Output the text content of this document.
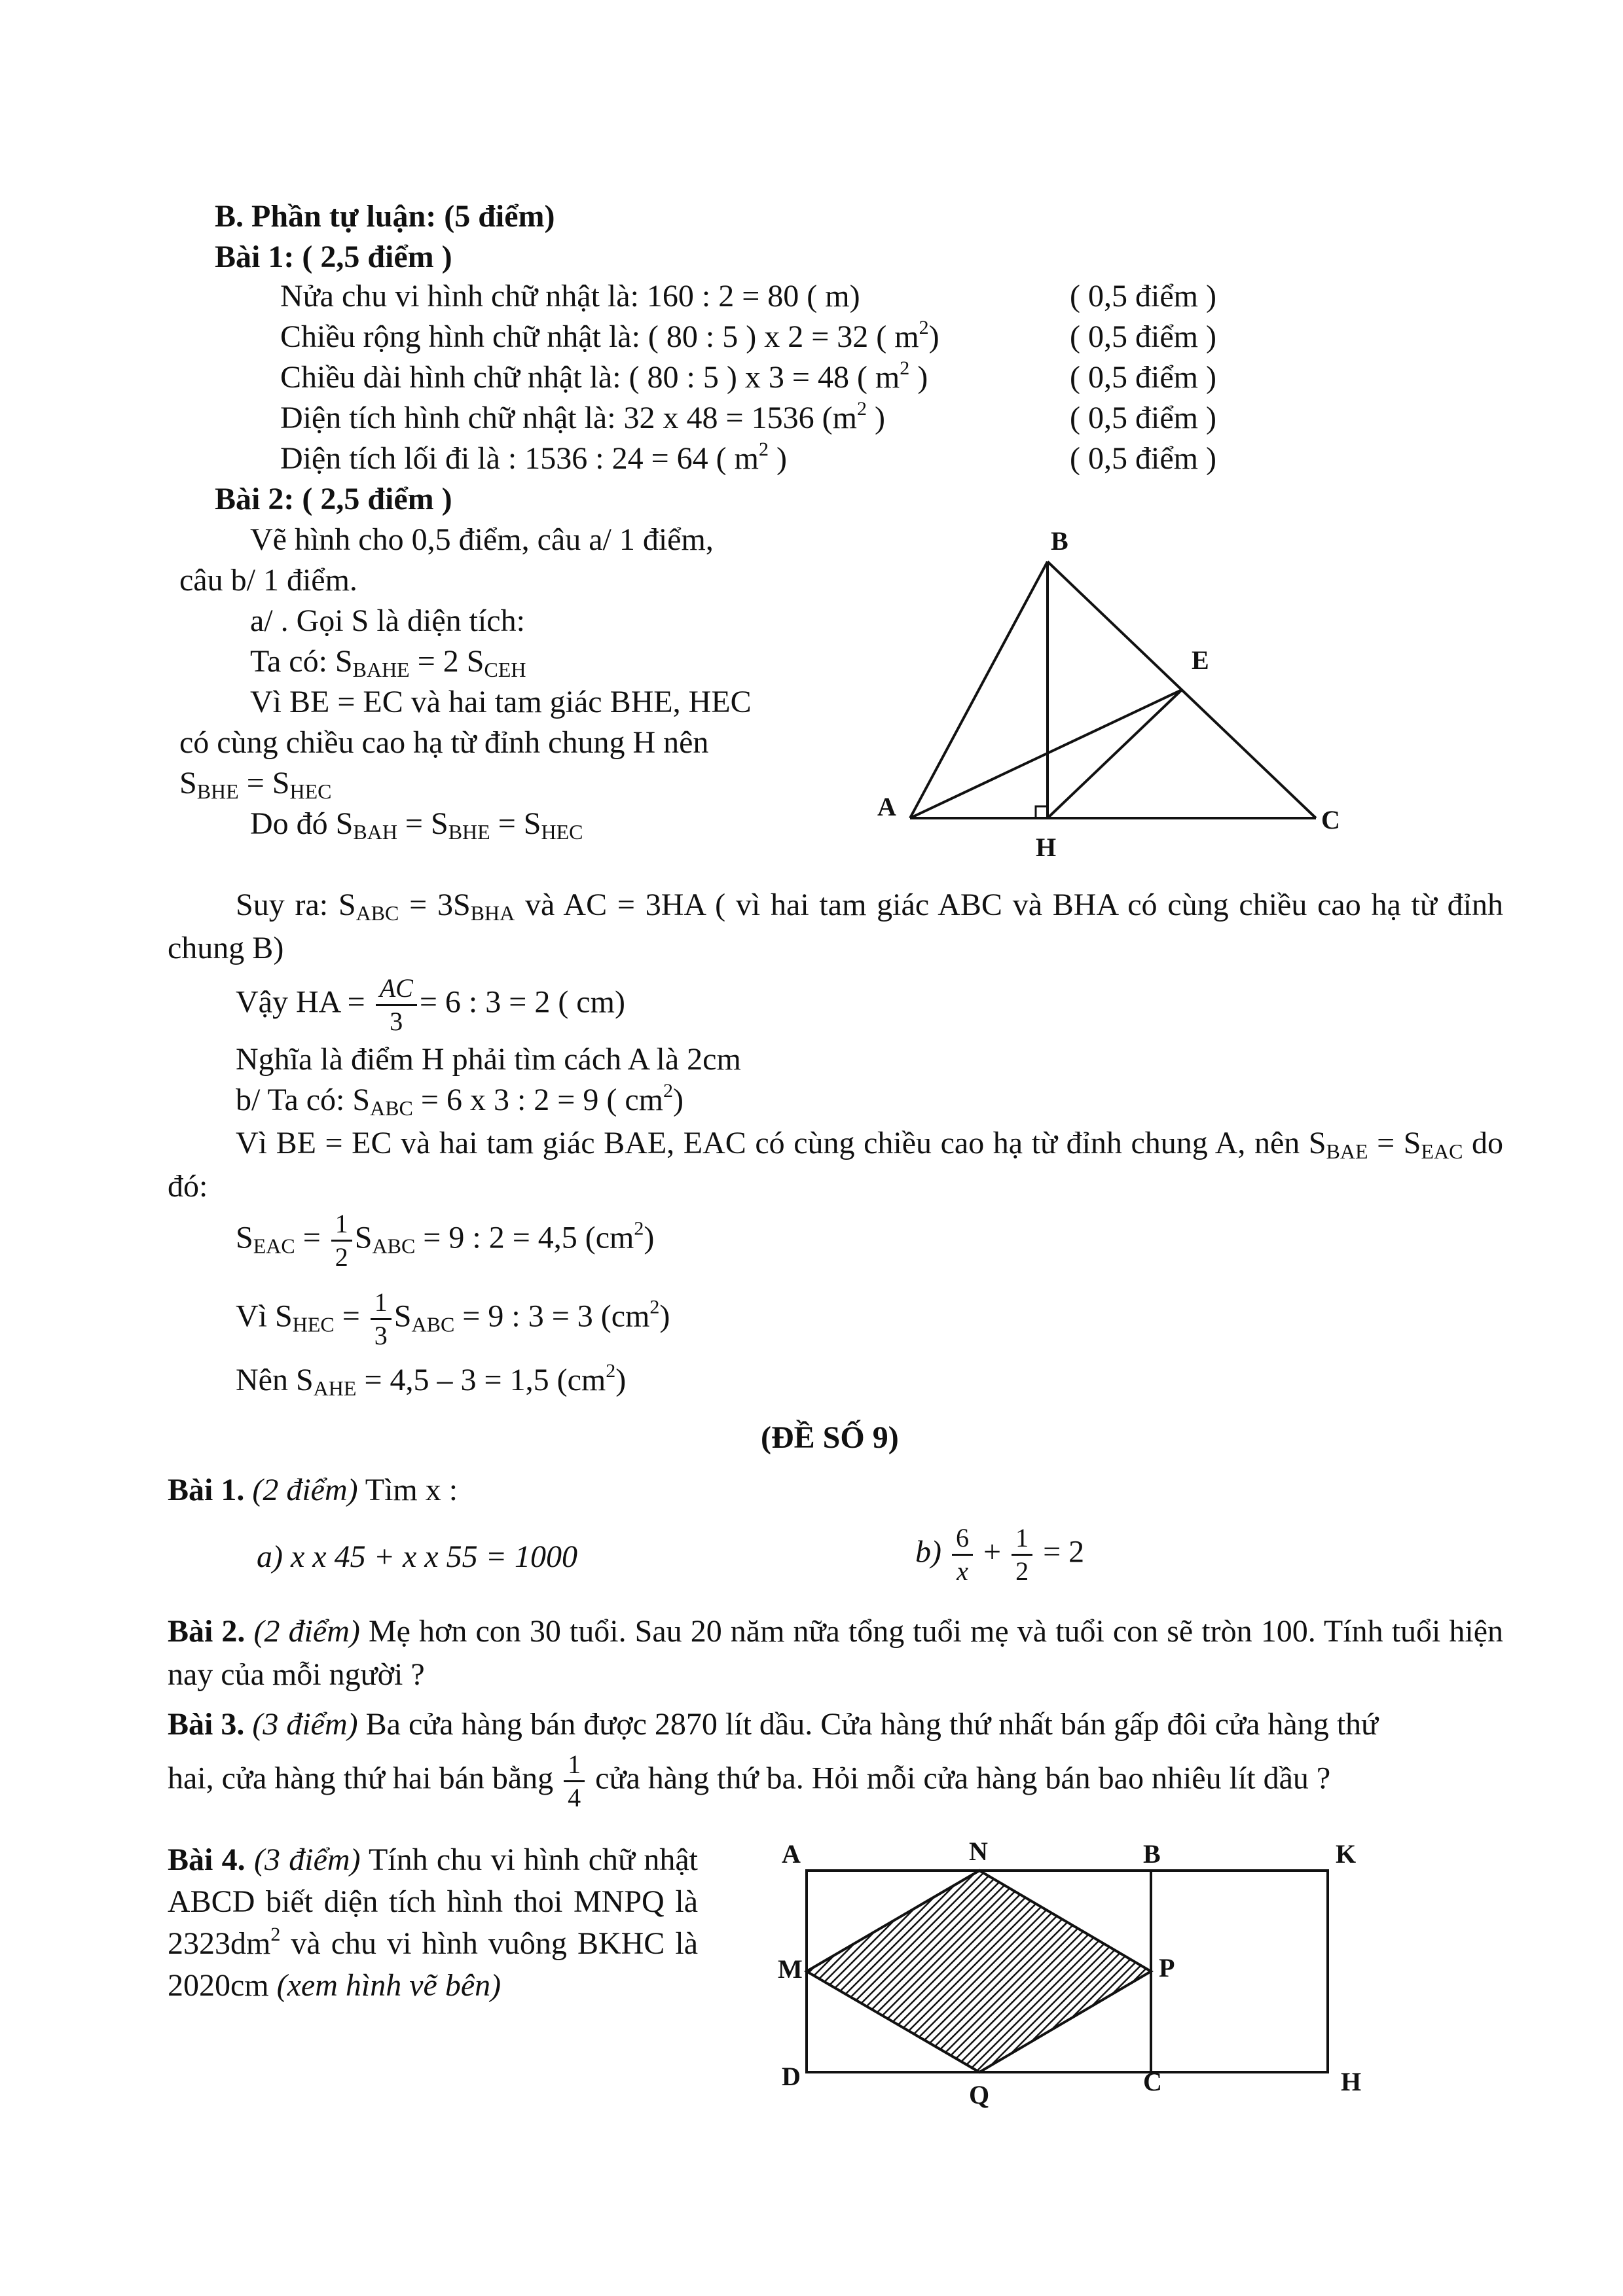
B. Phần tự luận: (5 điểm)
Bài 1: ( 2,5 điểm )
Nửa chu vi hình chữ nhật là: 160 : 2 = 80 ( m)	( 0,5 điểm )
Chiều rộng hình chữ nhật là: ( 80 : 5 ) x 2 = 32 ( $m^2$)	( 0,5 điểm )
Chiều dài hình chữ nhật là: ( 80 : 5 ) x 3 = 48 ( $m^2$ )	( 0,5 điểm )
Diện tích hình chữ nhật là: 32 x 48 = 1536 ($m^2$ )	( 0,5 điểm )
Diện tích lối đi là : 1536 : 24 = 64 ( $m^2$ )	( 0,5 điểm )
Bài 2: ( 2,5 điểm )
Vẽ hình cho 0,5 điểm, câu a/ 1 điểm,
câu b/ 1 điểm.
a/ . Gọi S là diện tích:
Ta có: $S_{BAHE} = 2$ $S_{CEH}$
Vì BE = EC và hai tam giác BHE, HEC
có cùng chiều cao hạ từ đỉnh chung H nên
$S_{BHE} = S_{HEC}$
Do đó $S_{BAH} = S_{BHE} = S_{HEC}$
B
E
A
H
C
Suy ra: $S_{ABC} = 3S_{BHA}$ và AC = 3HA ( vì hai tam giác ABC và BHA có cùng chiều cao hạ từ đỉnh chung B)
Vậy HA = $\frac{AC}{3} = 6$ : 3 = 2 ( cm)
Nghĩa là điểm H phải tìm cách A là 2cm
b/ Ta có: $S_{ABC} = 6$ x 3 : 2 = 9 ( $cm^2$)
Vì BE = EC và hai tam giác BAE, EAC có cùng chiều cao hạ từ đỉnh chung A, nên $S_{BAE} = S_{EAC}$ do đó:
$S_{EAC} = \frac{1}{2} S_{ABC} = 9$ : 2 = 4,5 $(cm^2)$
Vì $S_{HEC} = \frac{1}{3} S_{ABC} = 9$ : 3 = 3 $(cm^2)$
Nên $S_{AHE} = 4,5 - 3 = 1,5$ $(cm^2)$
(ĐỀ SỐ 9)
Bài 1. (2 điểm) Tìm x :
a) x x 45 + x x 55 = 1000	$b) \frac{6}{x} + \frac{1}{2} = 2$
Bài 2. (2 điểm) Mẹ hơn con 30 tuổi. Sau 20 năm nữa tổng tuổi mẹ và tuổi con sẽ tròn 100. Tính tuổi hiện nay của mỗi người ?
Bài 3. (3 điểm) Ba cửa hàng bán được 2870 lít dầu. Cửa hàng thứ nhất bán gấp đôi cửa hàng thứ
hai, cửa hàng thứ hai bán bằng $\frac{1}{4}$ cửa hàng thứ ba. Hỏi mỗi cửa hàng bán bao nhiêu lít dầu ?
Bài 4. (3 điểm) Tính chu vi hình chữ nhật ABCD biết diện tích hình thoi MNPQ là $2323dm^2$ và chu vi hình vuông BKHC là 2020cm (xem hình vẽ bên)
A	N	B	K
M	P
D
Q	C	H
